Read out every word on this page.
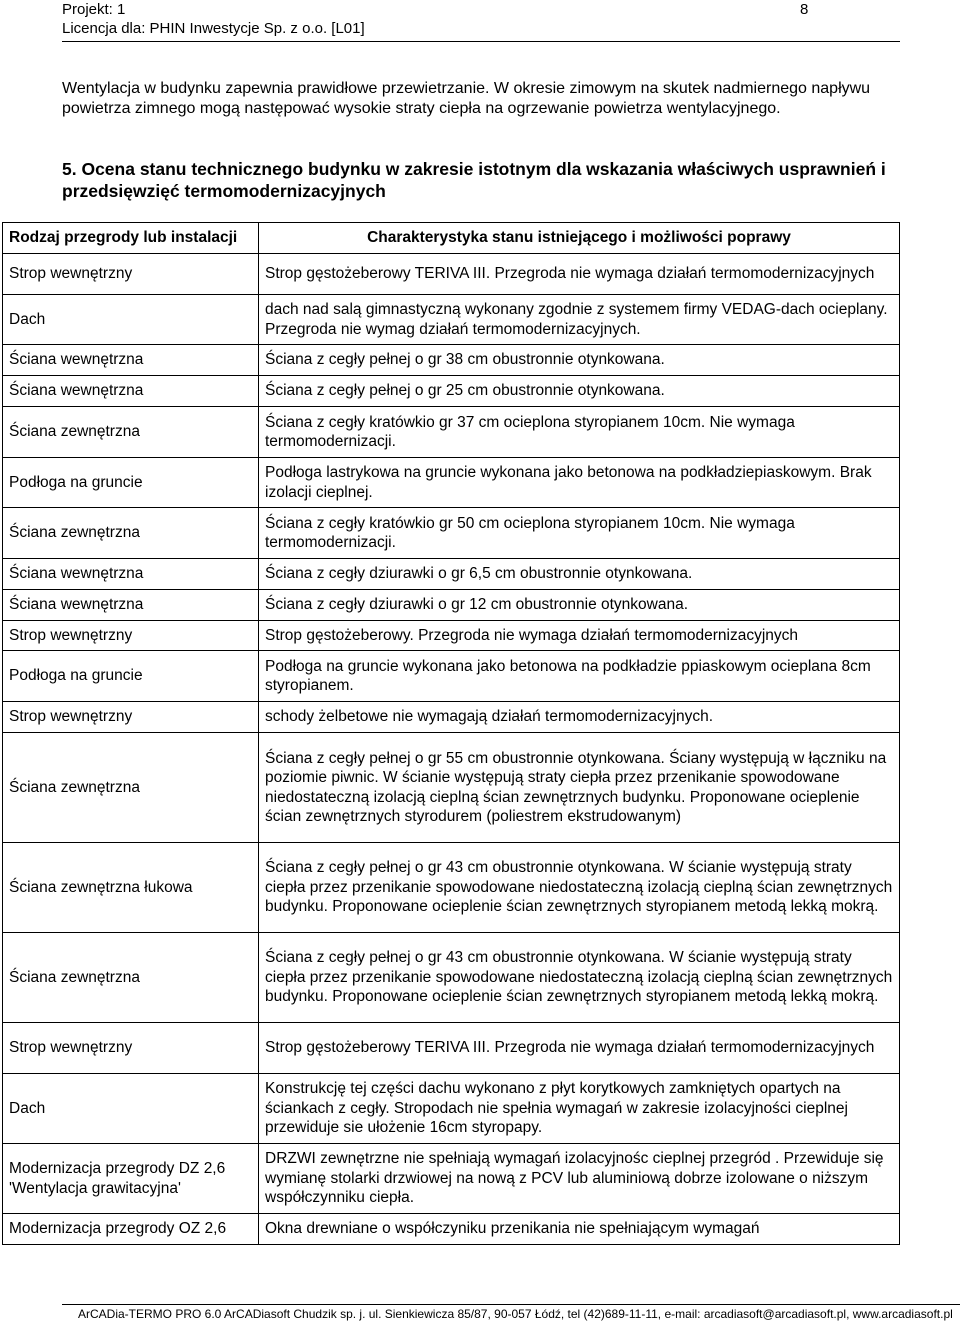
Projekt: 1
Licencja dla: PHIN Inwestycje Sp. z o.o. [L01]
8
Wentylacja w budynku zapewnia prawidłowe przewietrzanie. W okresie zimowym na skutek nadmiernego napływu powietrza zimnego mogą następować wysokie straty ciepła na ogrzewanie powietrza wentylacyjnego.
5. Ocena stanu technicznego budynku w zakresie istotnym dla wskazania właściwych usprawnień i przedsięwzięć termomodernizacyjnych
Rodzaj przegrody lub instalacji	Charakterystyka stanu istniejącego i możliwości poprawy
Strop wewnętrzny	Strop gęstożeberowy TERIVA III. Przegroda nie wymaga działań termomodernizacyjnych
Dach	dach nad salą gimnastyczną wykonany zgodnie z systemem firmy VEDAG-dach ocieplany. Przegroda nie wymag działań termomodernizacyjnych.
Ściana wewnętrzna	Ściana z cegły pełnej o gr 38 cm obustronnie otynkowana.
Ściana wewnętrzna	Ściana z cegły pełnej o gr 25 cm obustronnie otynkowana.
Ściana zewnętrzna	Ściana z cegły kratówkio gr 37 cm ocieplona styropianem 10cm. Nie wymaga termomodernizacji.
Podłoga na gruncie	Podłoga lastrykowa na gruncie wykonana jako betonowa na podkładziepiaskowym. Brak izolacji cieplnej.
Ściana zewnętrzna	Ściana z cegły kratówkio gr 50 cm ocieplona styropianem 10cm. Nie wymaga termomodernizacji.
Ściana wewnętrzna	Ściana z cegły dziurawki o gr 6,5 cm obustronnie otynkowana.
Ściana wewnętrzna	Ściana z cegły dziurawki o gr 12 cm obustronnie otynkowana.
Strop wewnętrzny	Strop gęstożeberowy. Przegroda nie wymaga działań termomodernizacyjnych
Podłoga na gruncie	Podłoga na gruncie wykonana jako betonowa na podkładzie ppiaskowym ocieplana 8cm styropianem.
Strop wewnętrzny	schody żelbetowe nie wymagają działań termomodernizacyjnych.
Ściana zewnętrzna	Ściana z cegły pełnej o gr 55 cm obustronnie otynkowana. Ściany występują w łączniku na poziomie piwnic. W ścianie występują straty ciepła przez przenikanie spowodowane niedostateczną izolacją cieplną ścian zewnętrznych budynku. Proponowane ocieplenie ścian zewnętrznych styrodurem (poliestrem ekstrudowanym)
Ściana zewnętrzna łukowa	Ściana z cegły pełnej o gr 43 cm obustronnie otynkowana. W ścianie występują straty ciepła przez przenikanie spowodowane niedostateczną izolacją cieplną ścian zewnętrznych budynku. Proponowane ocieplenie ścian zewnętrznych styropianem metodą lekką mokrą.
Ściana zewnętrzna	Ściana z cegły pełnej o gr 43 cm obustronnie otynkowana. W ścianie występują straty ciepła przez przenikanie spowodowane niedostateczną izolacją cieplną ścian zewnętrznych budynku. Proponowane ocieplenie ścian zewnętrznych styropianem metodą lekką mokrą.
Strop wewnętrzny	Strop gęstożeberowy TERIVA III. Przegroda nie wymaga działań termomodernizacyjnych
Dach	Konstrukcję tej części dachu wykonano z płyt korytkowych zamkniętych opartych na ściankach z cegły. Stropodach nie spełnia wymagań w zakresie izolacyjności cieplnej przewiduje sie ułożenie 16cm styropapy.
Modernizacja przegrody DZ 2,6 'Wentylacja grawitacyjna'	DRZWI zewnętrzne nie spełniają wymagań izolacyjnośc cieplnej przegród . Przewiduje się wymianę stolarki drzwiowej na nową z PCV lub aluminiową dobrze izolowane o niższym współczynniku ciepła.
Modernizacja przegrody OZ 2,6	Okna drewniane o współczyniku przenikania nie spełniającym wymagań
ArCADia-TERMO PRO 6.0 ArCADiasoft Chudzik sp. j. ul. Sienkiewicza 85/87, 90-057 Łódź, tel (42)689-11-11, e-mail: arcadiasoft@arcadiasoft.pl, www.arcadiasoft.pl
